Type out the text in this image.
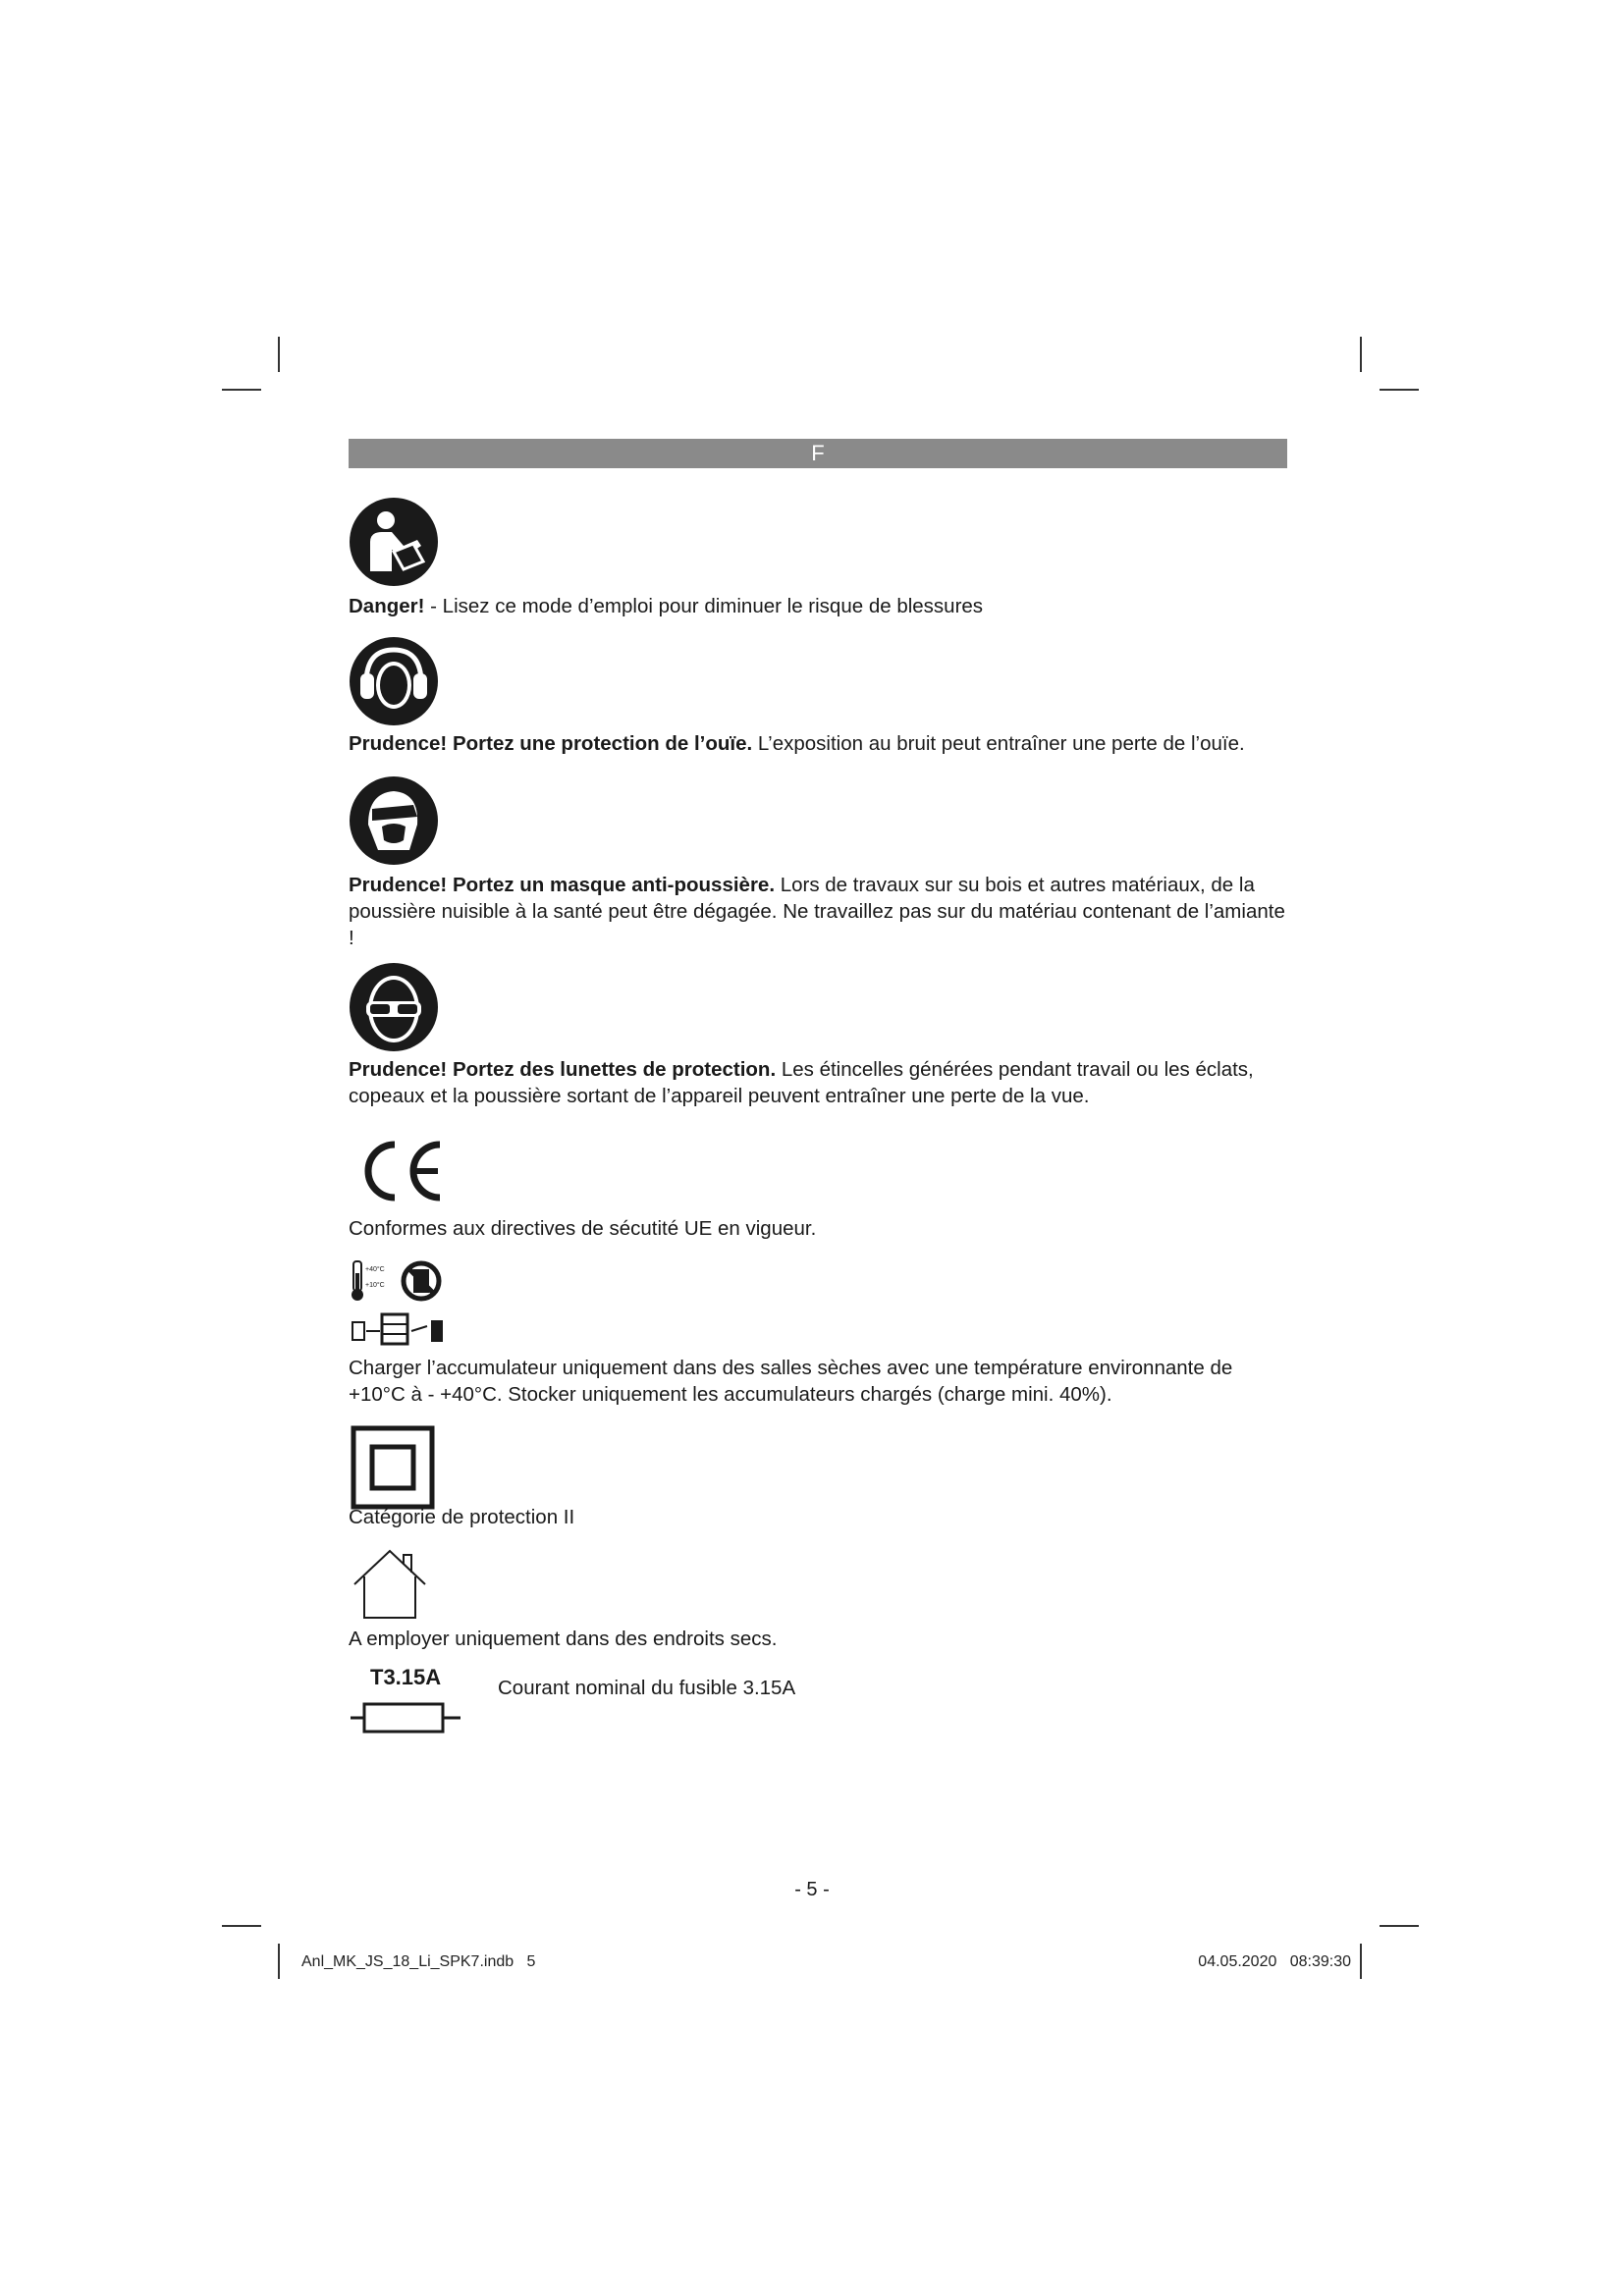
F
Danger! - Lisez ce mode d’emploi pour diminuer le risque de blessures
Prudence! Portez une protection de l’ouïe. L’exposition au bruit peut entraîner une perte de l’ouïe.
Prudence! Portez un masque anti-poussière. Lors de travaux sur su bois et autres matériaux, de la poussière nuisible à la santé peut être dégagée. Ne travaillez pas sur du matériau contenant de l’amiante !
Prudence! Portez des lunettes de protection. Les étincelles générées pendant travail ou les éclats, copeaux et la poussière sortant de l’appareil peuvent entraîner une perte de la vue.
Conformes aux directives de sécutité UE en vigueur.
+40°C
+10°C
Charger l’accumulateur uniquement dans des salles sèches avec une température environnante de +10°C à - +40°C. Stocker uniquement les accumulateurs chargés (charge mini. 40%).
Catégorie de protection II
A employer uniquement dans des endroits secs.
T3.15A	Courant nominal du fusible 3.15A
- 5 -
Anl_MK_JS_18_Li_SPK7.indb   5	04.05.2020   08:39:30
